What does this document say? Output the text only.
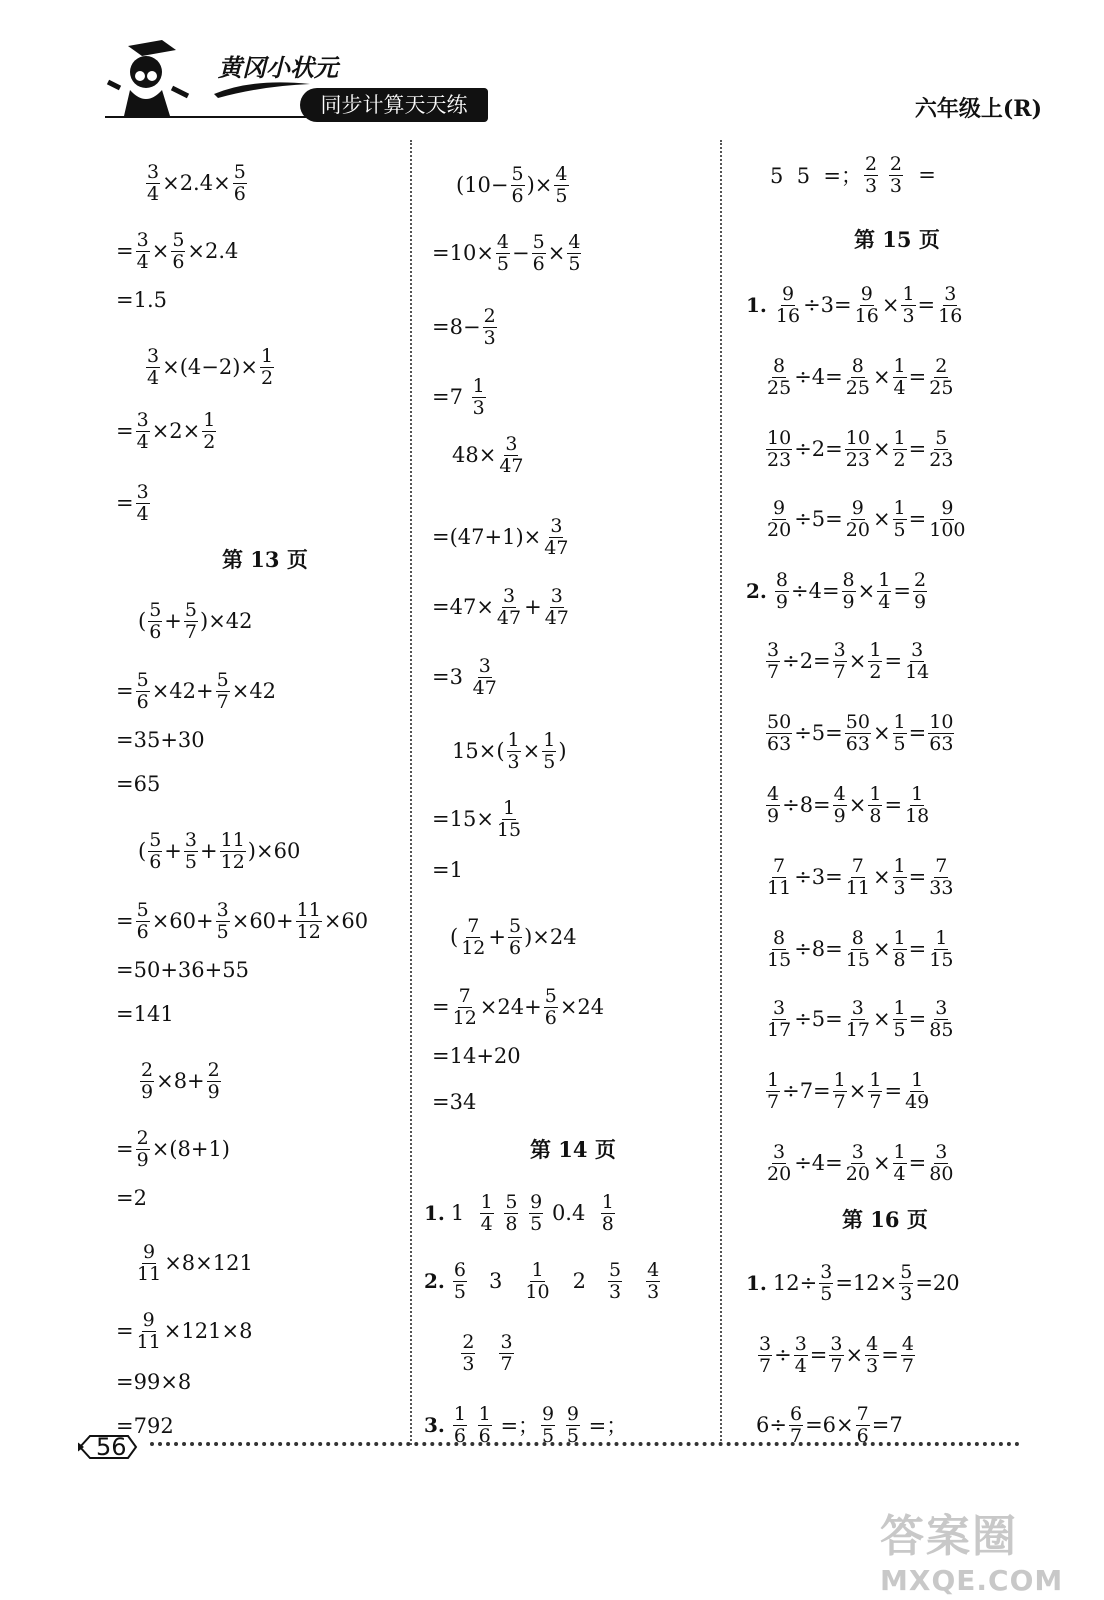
黄冈小状元
同步计算天天练	六年级上(R)
$\frac{3}{4} \times 2.4\times \frac{5}{6}$
= $\frac{3}{4} \times \frac{5}{6} \times 2.4$
=1.5
$\frac{3}{4} \times(4-2)\times \frac{1}{2}$
= $\frac{3}{4} \times 2\times \frac{1}{2}$
= $\frac{3}{4}$
第 13 页
( $\frac{5}{6} + \frac{5}{7} )\times 42$
= $\frac{5}{6} \times 42+ \frac{5}{7} \times 42$
=35+30
=65
( $\frac{5}{6} + \frac{3}{5} + \frac{11}{12} )\times 60$
= $\frac{5}{6} \times 60+ \frac{3}{5} \times 60+ \frac{11}{12} \times 60$
=50+36+55
=141
$\frac{2}{9} \times 8+ \frac{2}{9}$
= $\frac{2}{9} \times(8+1)$
=2
$\frac{9}{11} \times 8\times 121$
= $\frac{9}{11} \times 121\times 8$
=99×8
=792
($10- \frac{5}{6}$ )× $\frac{4}{5}$
$=10\times \frac{4}{5} - \frac{5}{6} \times \frac{4}{5}$
$=8- \frac{2}{3}$
$=7 \frac{1}{3}$
$48\times \frac{3}{47}$
$=(47+1)\times \frac{3}{47}$
$=47\times \frac{3}{47} + \frac{3}{47}$
$=3 \frac{3}{47}$
$15\times( \frac{1}{3} \times \frac{1}{5}$ )
$=15\times \frac{1}{15}$
=1
( $\frac{7}{12} + \frac{5}{6} )\times 24$
= $\frac{7}{12} \times 24+ \frac{5}{6} \times 24$
=14+20
=34
第 14 页
1. $1 \frac{1}{4}$
$\frac{5}{8}$
$\frac{9}{5} 0.4 \frac{1}{8}$
2. $\frac{6}{5} 3 \frac{1}{10} 2 \frac{5}{3}$
$\frac{4}{3}$

$\frac{2}{3}$
$\frac{3}{7}$
3. $\frac{1}{6}$
$\frac{1}{6}$ =； $\frac{9}{5}$
$\frac{9}{5}$ =；
5  5  =； $\frac{2}{3}$
$\frac{2}{3}$ =
第 15 页
1. $\frac{9}{16} \div 3= \frac{9}{16} \times \frac{1}{3} = \frac{3}{16}$
$\frac{8}{25} \div 4= \frac{8}{25} \times \frac{1}{4} = \frac{2}{25}$
$\frac{10}{23} \div 2= \frac{10}{23} \times \frac{1}{2} = \frac{5}{23}$
$\frac{9}{20} \div 5= \frac{9}{20} \times \frac{1}{5} = \frac{9}{100}$
2. $\frac{8}{9} \div 4= \frac{8}{9} \times \frac{1}{4} = \frac{2}{9}$
$\frac{3}{7} \div 2= \frac{3}{7} \times \frac{1}{2} = \frac{3}{14}$
$\frac{50}{63} \div 5= \frac{50}{63} \times \frac{1}{5} = \frac{10}{63}$
$\frac{4}{9} \div 8= \frac{4}{9} \times \frac{1}{8} = \frac{1}{18}$
$\frac{7}{11} \div 3= \frac{7}{11} \times \frac{1}{3} = \frac{7}{33}$
$\frac{8}{15} \div 8= \frac{8}{15} \times \frac{1}{8} = \frac{1}{15}$
$\frac{3}{17} \div 5= \frac{3}{17} \times \frac{1}{5} = \frac{3}{85}$
$\frac{1}{7} \div 7= \frac{1}{7} \times \frac{1}{7} = \frac{1}{49}$
$\frac{3}{20} \div 4= \frac{3}{20} \times \frac{1}{4} = \frac{3}{80}$
第 16 页
1. $12\div \frac{3}{5} =12\times \frac{5}{3} =20$
$\frac{3}{7} \div \frac{3}{4} = \frac{3}{7} \times \frac{4}{3} = \frac{4}{7}$
$6\div \frac{6}{7} =6\times \frac{7}{6} =7$
56
答案圈
MXQE.COM
